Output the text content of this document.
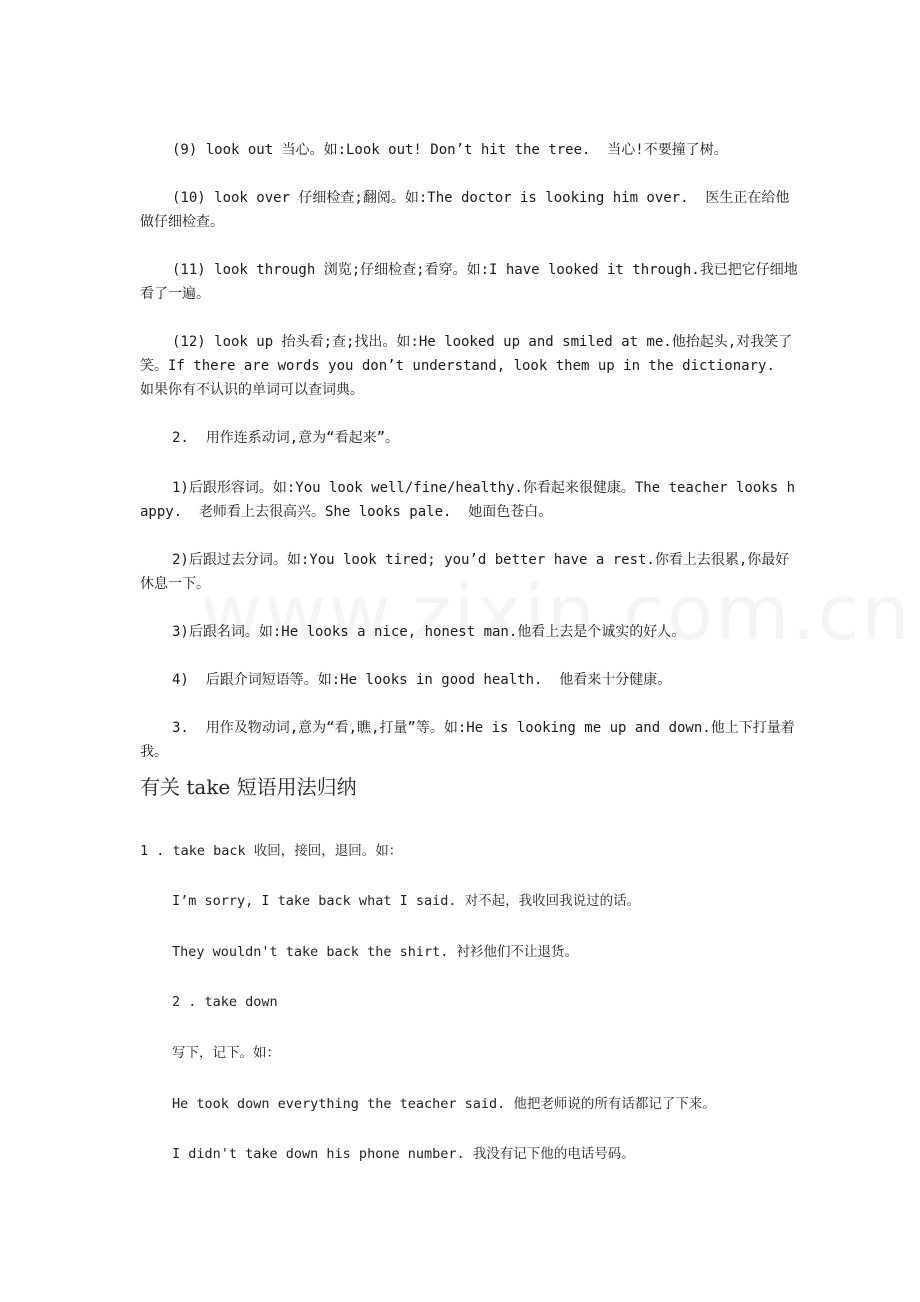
(9) look out 当心。如:Look out! Don’t hit the tree.  当心!不要撞了树。

(10) look over 仔细检查;翻阅。如:The doctor is looking him over.  医生正在给他做仔细检查。

(11) look through 浏览;仔细检查;看穿。如:I have looked it through.我已把它仔细地看了一遍。

(12) look up 抬头看;查;找出。如:He looked up and smiled at me.他抬起头,对我笑了笑。If there are words you don’t understand, look them up in the dictionary.  如果你有不认识的单词可以查词典。

2.  用作连系动词,意为“看起来”。

1)后跟形容词。如:You look well/fine/healthy.你看起来很健康。The teacher looks happy.  老师看上去很高兴。She looks pale.  她面色苍白。

2)后跟过去分词。如:You look tired; you’d better have a rest.你看上去很累,你最好休息一下。

3)后跟名词。如:He looks a nice, honest man.他看上去是个诚实的好人。

4)  后跟介词短语等。如:He looks in good health.  他看来十分健康。

3.  用作及物动词,意为“看,瞧,打量”等。如:He is looking me up and down.他上下打量着我。

有关 take 短语用法归纳

1 . take back 收回，接回，退回。如：

I’m sorry, I take back what I said. 对不起，我收回我说过的话。

They wouldn't take back the shirt. 衬衫他们不让退货。

2 . take down

写下，记下。如：

He took down everything the teacher said. 他把老师说的所有话都记了下来。

I didn't take down his phone number. 我没有记下他的电话号码。
